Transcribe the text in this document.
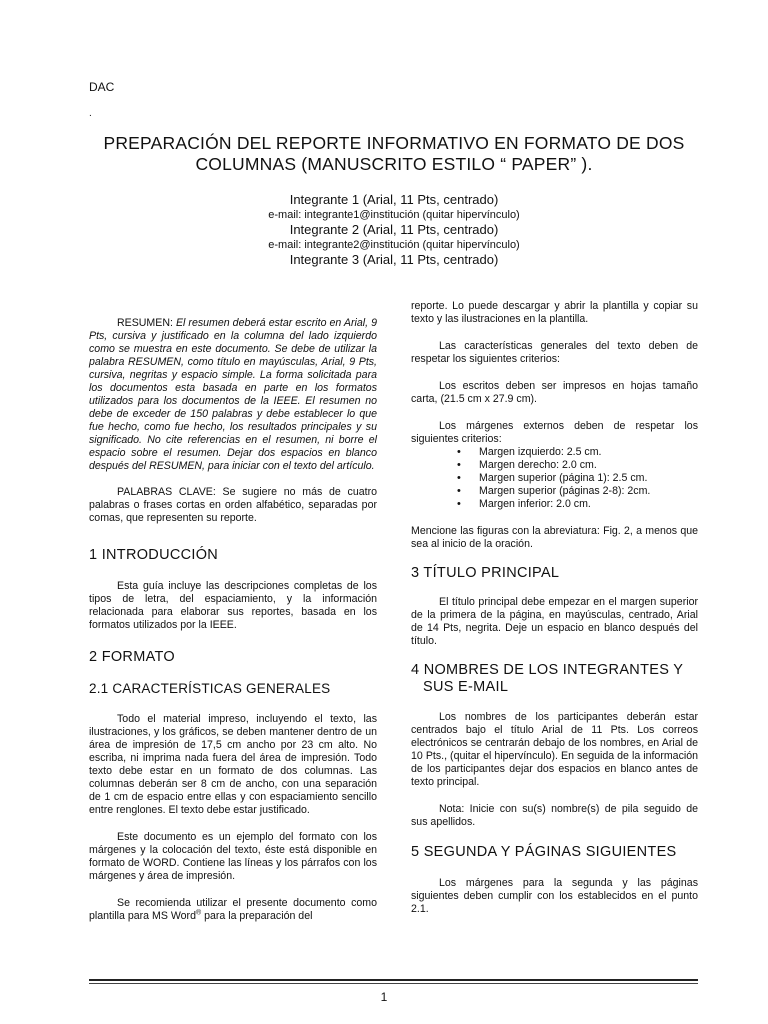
DAC
.
PREPARACIÓN DEL REPORTE INFORMATIVO EN FORMATO DE DOS
COLUMNAS (MANUSCRITO ESTILO “ PAPER” ).
Integrante 1 (Arial, 11 Pts, centrado)
e-mail: integrante1@institución (quitar hipervínculo)
Integrante 2 (Arial, 11 Pts, centrado)
e-mail: integrante2@institución (quitar hipervínculo)
Integrante 3 (Arial, 11 Pts, centrado)

RESUMEN: El resumen deberá estar escrito en Arial, 9 Pts, cursiva y justificado en la columna del lado izquierdo como se muestra en este documento. Se debe de utilizar la palabra RESUMEN, como título en mayúsculas, Arial, 9 Pts, cursiva, negritas y espacio simple. La forma solicitada para los documentos esta basada en parte en los formatos utilizados para los documentos de la IEEE. El resumen no debe de exceder de 150 palabras y debe establecer lo que fue hecho, como fue hecho, los resultados principales y su significado. No cite referencias en el resumen, ni borre el espacio sobre el resumen. Dejar dos espacios en blanco después del RESUMEN, para iniciar con el texto del artículo.

PALABRAS CLAVE: Se sugiere no más de cuatro palabras o frases cortas en orden alfabético, separadas por comas, que representen su reporte.

1 INTRODUCCIÓN

Esta guía incluye las descripciones completas de los tipos de letra, del espaciamiento, y la información relacionada para elaborar sus reportes, basada en los formatos utilizados por la IEEE.

2 FORMATO
2.1 CARACTERÍSTICAS GENERALES

Todo el material impreso, incluyendo el texto, las ilustraciones, y los gráficos, se deben mantener dentro de un área de impresión de 17,5 cm ancho por 23 cm alto. No escriba, ni imprima nada fuera del área de impresión. Todo texto debe estar en un formato de dos columnas. Las columnas deberán ser 8 cm de ancho, con una separación de 1 cm de espacio entre ellas y con espaciamiento sencillo entre renglones. El texto debe estar justificado.

Este documento es un ejemplo del formato con los márgenes y la colocación del texto, éste está disponible en formato de WORD. Contiene las líneas y los párrafos con los márgenes y área de impresión.

Se recomienda utilizar el presente documento como plantilla para MS Word® para la preparación del

reporte. Lo puede descargar y abrir la plantilla y copiar su texto y las ilustraciones en la plantilla.

Las características generales del texto deben de respetar los siguientes criterios:

Los escritos deben ser impresos en hojas tamaño carta, (21.5 cm x 27.9 cm).

Los márgenes externos deben de respetar los siguientes criterios:

• Margen izquierdo: 2.5 cm.
• Margen derecho: 2.0 cm.
• Margen superior (página 1): 2.5 cm.
• Margen superior (páginas 2-8): 2cm.
• Margen inferior: 2.0 cm.

Mencione las figuras con la abreviatura: Fig. 2, a menos que sea al inicio de la oración.

3 TÍTULO PRINCIPAL

El título principal debe empezar en el margen superior de la primera de la página, en mayúsculas, centrado, Arial de 14 Pts, negrita. Deje un espacio en blanco después del título.

4 NOMBRES DE LOS INTEGRANTES Y
SUS E-MAIL

Los nombres de los participantes deberán estar centrados bajo el título Arial de 11 Pts. Los correos electrónicos se centrarán debajo de los nombres, en Arial de 10 Pts., (quitar el hipervínculo). En seguida de la información de los participantes dejar dos espacios en blanco antes de texto principal.

Nota: Inicie con su(s) nombre(s) de pila seguido de sus apellidos.

5 SEGUNDA Y PÁGINAS SIGUIENTES

Los márgenes para la segunda y las páginas siguientes deben cumplir con los establecidos en el punto 2.1.

1
